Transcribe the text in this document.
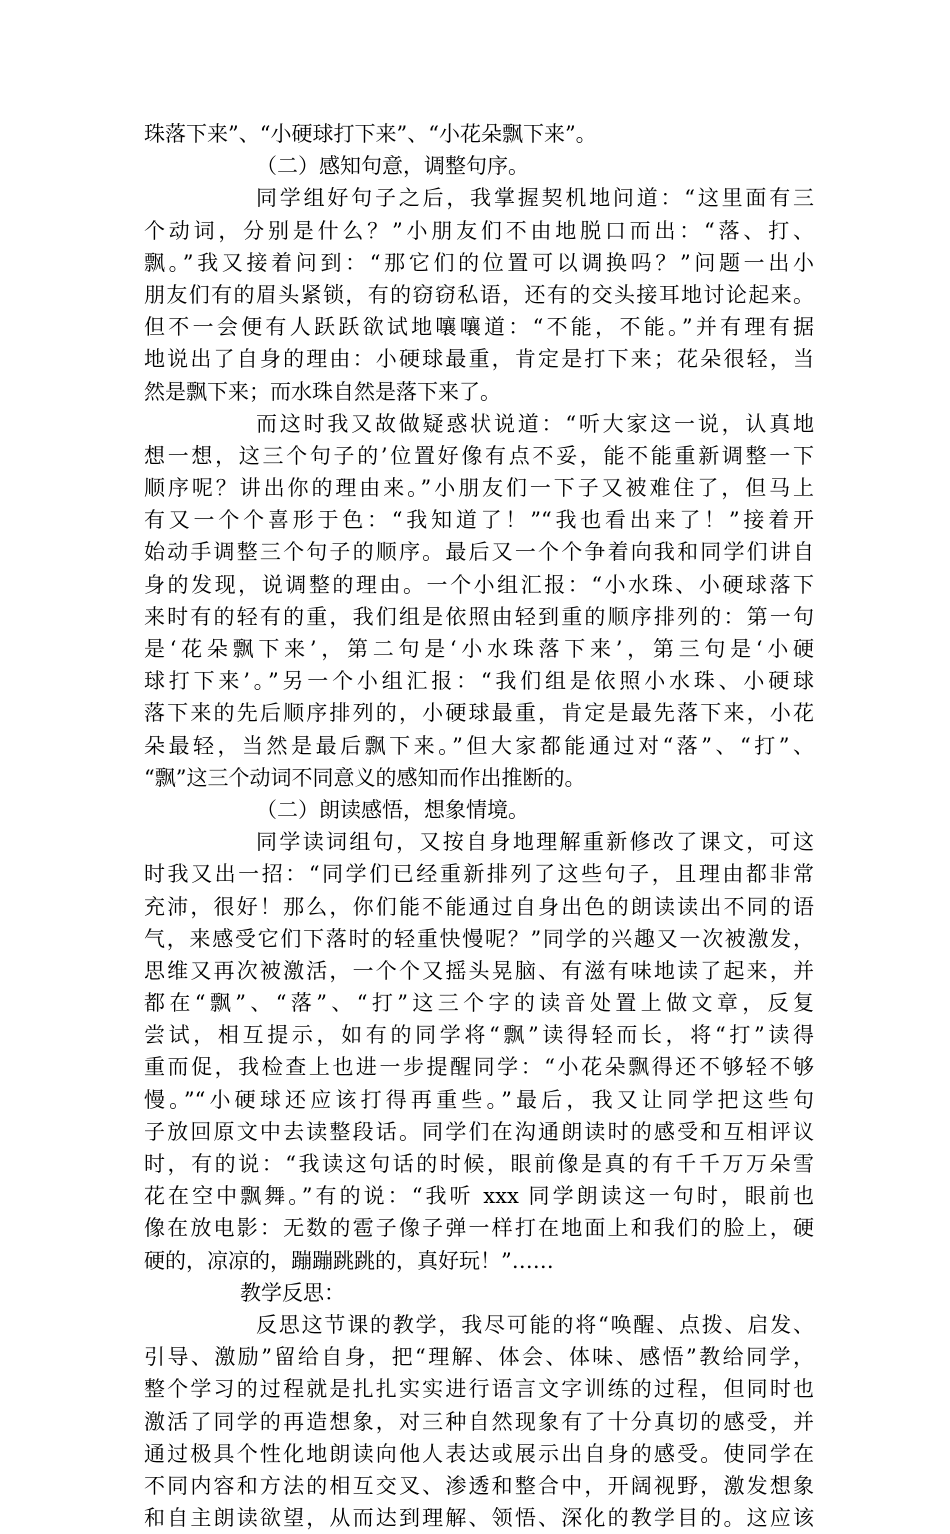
珠落下来”、“小硬球打下来”、“小花朵飘下来”。
（二）感知句意，调整句序。
同学组好句子之后，我掌握契机地问道：“这里面有三
个动词，分别是什么？”小朋友们不由地脱口而出：“落、打、
飘。”我又接着问到：“那它们的位置可以调换吗？”问题一出小
朋友们有的眉头紧锁，有的窃窃私语，还有的交头接耳地讨论起来。
但不一会便有人跃跃欲试地嚷嚷道：“不能，不能。”并有理有据
地说出了自身的理由：小硬球最重，肯定是打下来；花朵很轻，当
然是飘下来；而水珠自然是落下来了。
而这时我又故做疑惑状说道：“听大家这一说，认真地
想一想，这三个句子的’位置好像有点不妥，能不能重新调整一下
顺序呢？讲出你的理由来。”小朋友们一下子又被难住了，但马上
有又一个个喜形于色：“我知道了！”“我也看出来了！”接着开
始动手调整三个句子的顺序。最后又一个个争着向我和同学们讲自
身的发现，说调整的理由。一个小组汇报：“小水珠、小硬球落下
来时有的轻有的重，我们组是依照由轻到重的顺序排列的：第一句
是‘花朵飘下来’，第二句是‘小水珠落下来’，第三句是‘小硬
球打下来’。”另一个小组汇报：“我们组是依照小水珠、小硬球
落下来的先后顺序排列的，小硬球最重，肯定是最先落下来，小花
朵最轻，当然是最后飘下来。”但大家都能通过对“落”、“打”、
“飘”这三个动词不同意义的感知而作出推断的。
（二）朗读感悟，想象情境。
同学读词组句，又按自身地理解重新修改了课文，可这
时我又出一招：“同学们已经重新排列了这些句子，且理由都非常
充沛，很好！那么，你们能不能通过自身出色的朗读读出不同的语
气，来感受它们下落时的轻重快慢呢？”同学的兴趣又一次被激发，
思维又再次被激活，一个个又摇头晃脑、有滋有味地读了起来，并
都在“飘”、“落”、“打”这三个字的读音处置上做文章，反复
尝试，相互提示，如有的同学将“飘”读得轻而长，将“打”读得
重而促，我检查上也进一步提醒同学：“小花朵飘得还不够轻不够
慢。”“小硬球还应该打得再重些。”最后，我又让同学把这些句
子放回原文中去读整段话。同学们在沟通朗读时的感受和互相评议
时，有的说：“我读这句话的时候，眼前像是真的有千千万万朵雪
花在空中飘舞。”有的说：“我听 xxx 同学朗读这一句时，眼前也
像在放电影：无数的雹子像子弹一样打在地面上和我们的脸上，硬
硬的，凉凉的，蹦蹦跳跳的，真好玩！”……
教学反思：
反思这节课的教学，我尽可能的将“唤醒、点拨、启发、
引导、激励”留给自身，把“理解、体会、体味、感悟”教给同学，
整个学习的过程就是扎扎实实进行语言文字训练的过程，但同时也
激活了同学的再造想象，对三种自然现象有了十分真切的感受，并
通过极具个性化地朗读向他人表达或展示出自身的感受。使同学在
不同内容和方法的相互交叉、渗透和整合中，开阔视野，激发想象
和自主朗读欲望，从而达到理解、领悟、深化的教学目的。这应该
